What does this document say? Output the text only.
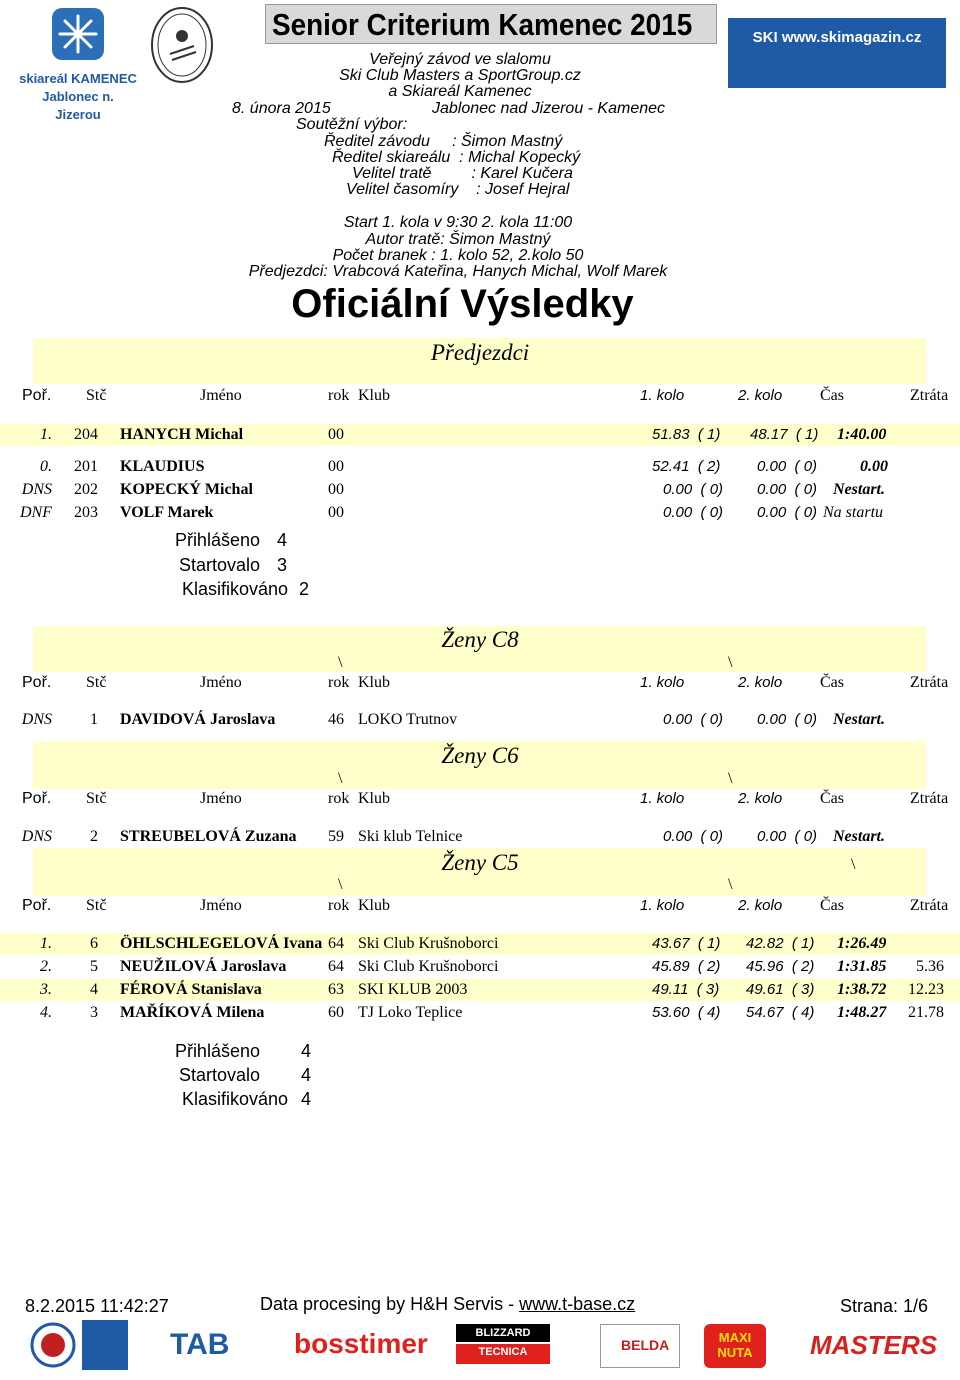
skiareál KAMENEC Jablonec n. Jizerou
SKI www.skimagazin.cz
Senior Criterium Kamenec 2015
Veřejný závod ve slalomu
Ski Club Masters a SportGroup.cz
a Skiareál Kamenec
8. února 2015	Jablonec nad Jizerou - Kamenec
Soutěžní výbor:
Ředitel závodu     : Šimon Mastný
Ředitel skiareálu  : Michal Kopecký
Velitel tratě         : Karel Kučera
Velitel časomíry    : Josef Hejral
Start 1. kola v 9:30 2. kola 11:00
Autor tratě: Šimon Mastný
Počet branek : 1. kolo 52, 2.kolo 50
Předjezdci: Vrabcová Kateřina, Hanych Michal, Wolf Marek
Oficiální Výsledky
Předjezdci
Poř. Stč	Jméno	rok Klub	1. kolo	2. kolo Čas	Ztráta
1.	204 HANYCH Michal	00	51.83  ( 1) 48.17  ( 1) 1:40.00
0.	201 KLAUDIUS	00	52.41  ( 2) 0.00  ( 0)	0.00
DNS	202 KOPECKÝ Michal	00	0.00  ( 0) 0.00  ( 0) Nestart.
DNF	203 VOLF Marek	00	0.00  ( 0) 0.00  ( 0) Na startu
Přihlášeno 4
Startovalo 3
Klasifikováno 2
Ženy C8
\	\
Poř. Stč	Jméno	rok Klub	1. kolo	2. kolo Čas	Ztráta
DNS	1 DAVIDOVÁ Jaroslava	46 LOKO Trutnov	0.00  ( 0) 0.00  ( 0) Nestart.
Ženy C6
\	\
Poř. Stč	Jméno	rok Klub	1. kolo	2. kolo Čas	Ztráta
DNS	2 STREUBELOVÁ Zuzana 59 Ski klub Telnice	0.00  ( 0) 0.00  ( 0) Nestart.
Ženy C5
\	\
\
Poř. Stč	Jméno	rok Klub	1. kolo	2. kolo Čas	Ztráta
1.	6 ÖHLSCHLEGELOVÁ Ivana 64 Ski Club Krušnoborci	43.67  ( 1) 42.82  ( 1) 1:26.49
2.	5 NEUŽILOVÁ Jaroslava	64 Ski Club Krušnoborci	45.89  ( 2) 45.96  ( 2) 1:31.85	5.36
3.	4 FÉROVÁ Stanislava	63 SKI KLUB 2003	49.11  ( 3) 49.61  ( 3) 1:38.72	12.23
4.	3 MAŘÍKOVÁ Milena	60 TJ Loko Teplice	53.60  ( 4) 54.67  ( 4) 1:48.27	21.78
Přihlášeno 4
Startovalo 4
Klasifikováno 4
8.2.2015 11:42:27	Data procesing by H&H Servis - www.t-base.cz	Strana: 1/6
TAB bosstimer	BLIZZARD TECNICA	BELDA	MAXI NUTA	MASTERS
